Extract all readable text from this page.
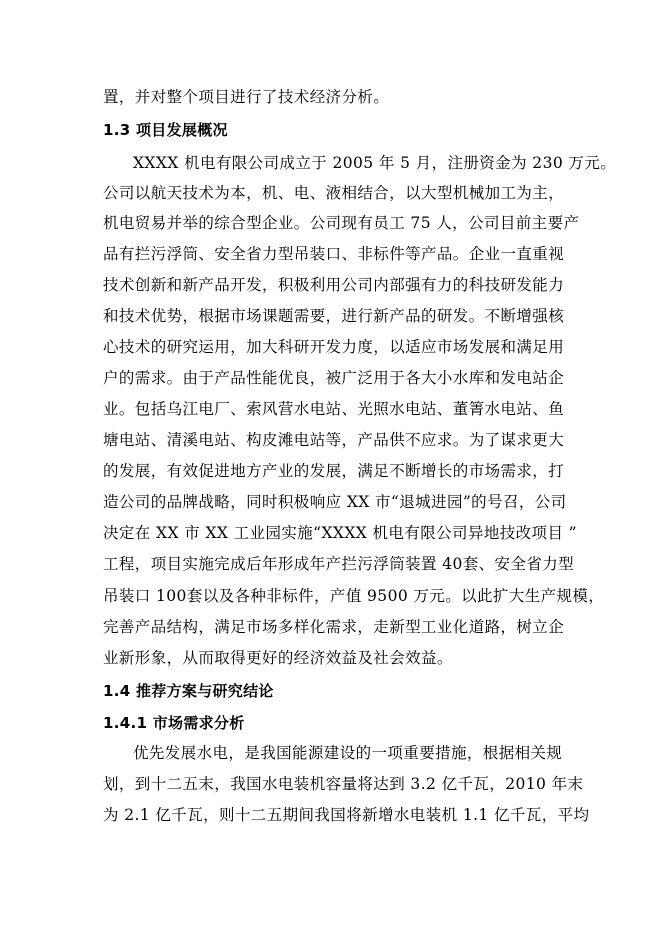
置，并对整个项目进行了技术经济分析。
1.3 项目发展概况
XXXX 机电有限公司成立于 2005 年 5 月，注册资金为 230 万元。
公司以航天技术为本，机、电、液相结合，以大型机械加工为主，
机电贸易并举的综合型企业。公司现有员工 75 人，公司目前主要产
品有拦污浮筒、安全省力型吊装口、非标件等产品。企业一直重视
技术创新和新产品开发，积极利用公司内部强有力的科技研发能力
和技术优势，根据市场课题需要，进行新产品的研发。不断增强核
心技术的研究运用，加大科研开发力度，以适应市场发展和满足用
户的需求。由于产品性能优良，被广泛用于各大小水库和发电站企
业。包括乌江电厂、索风营水电站、光照水电站、董箐水电站、鱼
塘电站、清溪电站、构皮滩电站等，产品供不应求。为了谋求更大
的发展，有效促进地方产业的发展，满足不断增长的市场需求，打
造公司的品牌战略，同时积极响应 XX 市“退城进园”的号召，公司
决定在 XX 市 XX 工业园实施“XXXX 机电有限公司异地技改项目 ”
工程，项目实施完成后年形成年产拦污浮筒装置 40套、安全省力型
吊装口 100套以及各种非标件，产值 9500 万元。以此扩大生产规模，
完善产品结构，满足市场多样化需求，走新型工业化道路，树立企
业新形象，从而取得更好的经济效益及社会效益。
1.4 推荐方案与研究结论
1.4.1 市场需求分析
优先发展水电，是我国能源建设的一项重要措施，根据相关规
划，到十二五末，我国水电装机容量将达到 3.2 亿千瓦，2010 年末
为 2.1 亿千瓦，则十二五期间我国将新增水电装机 1.1 亿千瓦，平均
